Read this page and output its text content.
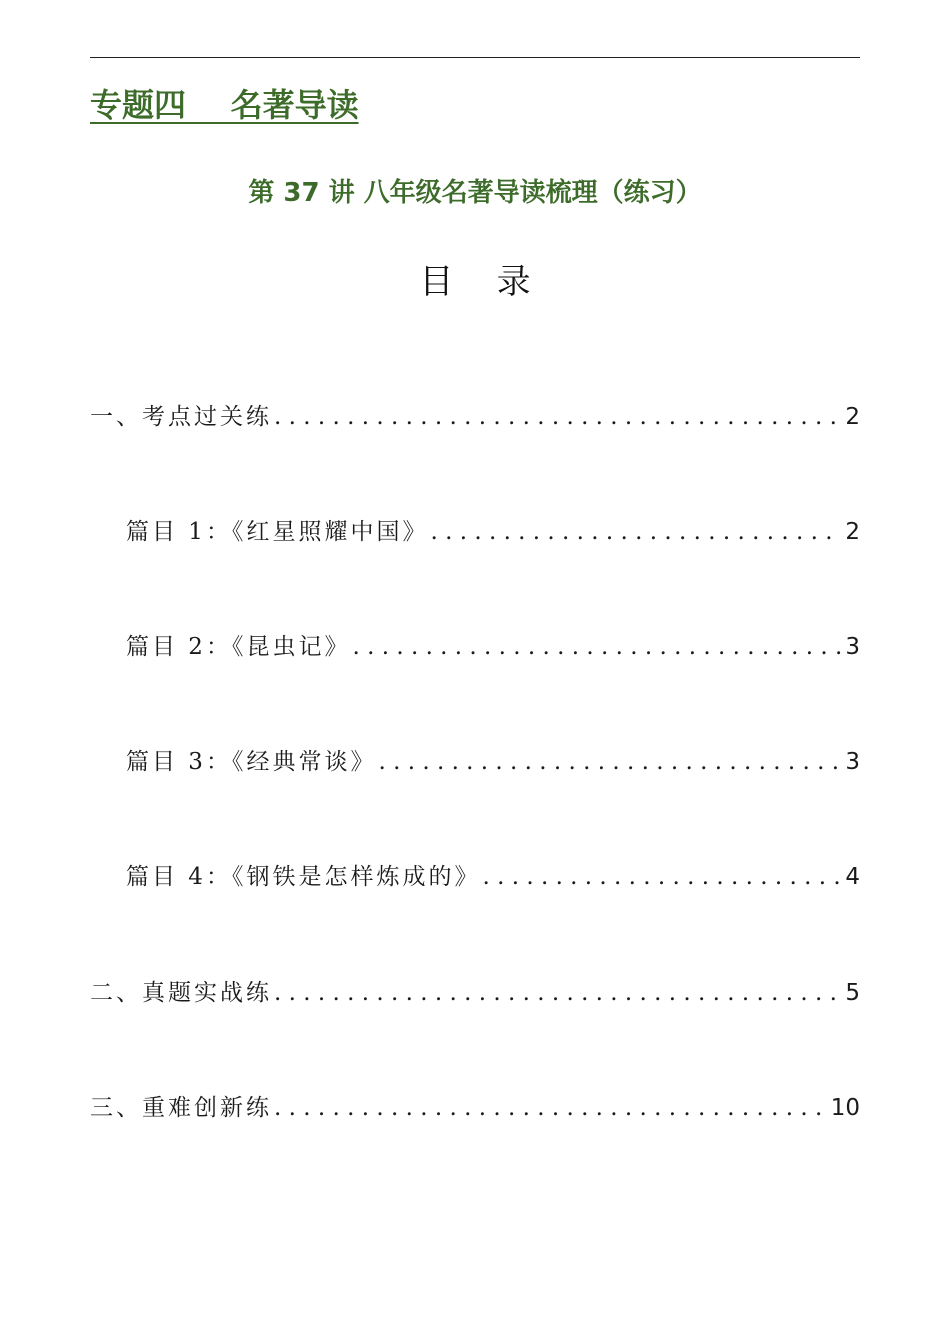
专题四    名著导读
第 37 讲 八年级名著导读梳理（练习）
目    录
一、考点过关练 . . .	2
篇目 1：《红星照耀中国》 . . .	2
篇目 2：《昆虫记》 . . .	3
篇目 3：《经典常谈》 . . .	3
篇目 4：《钢铁是怎样炼成的》 . . .	4
二、真题实战练 . . .	5
三、重难创新练 . . .	10
